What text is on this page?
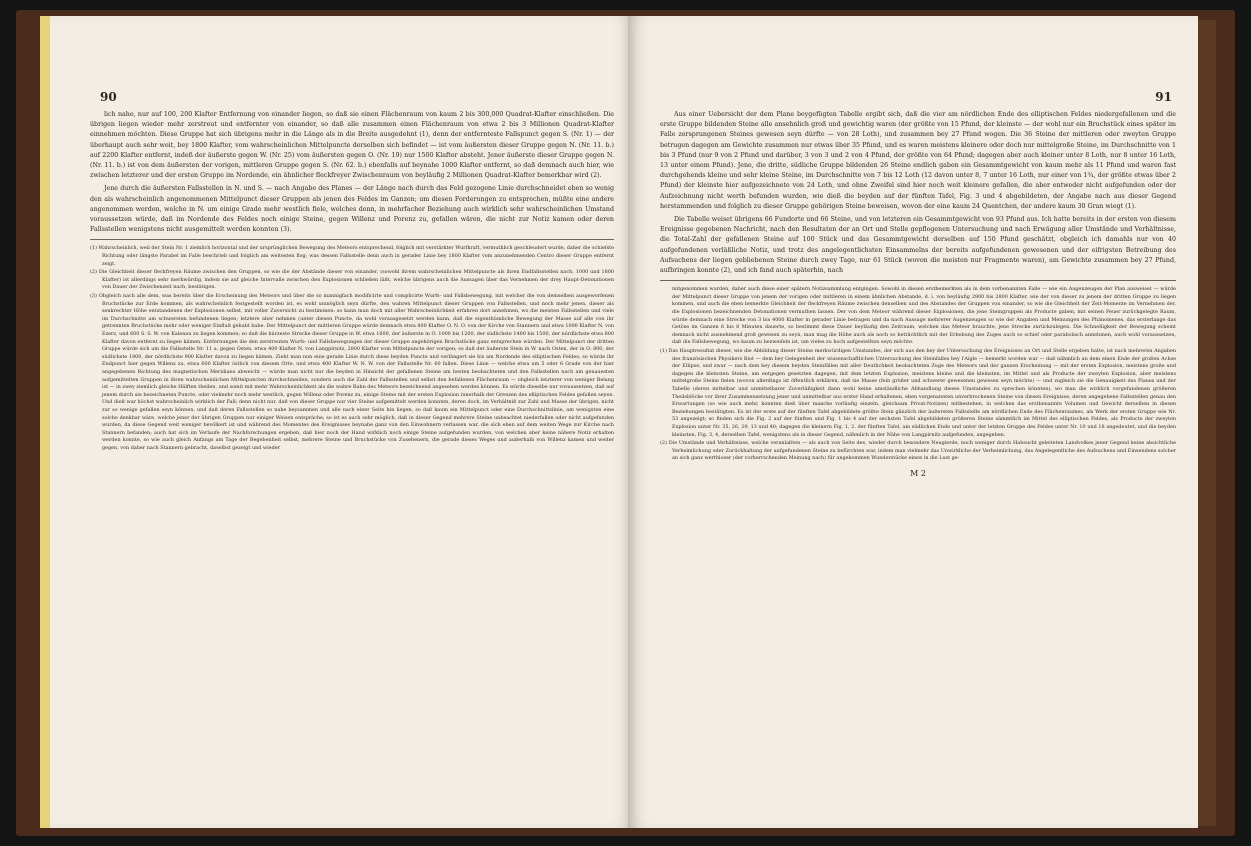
90

lich nahe, nur auf 100, 200 Klafter Entfernung von einander liegen, so daß sie einen Flächenraum von kaum 2 bis 300,000 Quadrat-Klafter einschließen. Die übrigen liegen wieder mehr zerstreut und entfernter von einander, so daß alle zusammen einen Flächenraum von etwa 2 bis 3 Millionen Quadrat-Klafter einnehmen möchten. Diese Gruppe hat sich übrigens mehr in die Länge als in die Breite ausgedehnt (1), denn der entfernteste Fallspunct gegen S. (Nr. 1) — der überhaupt auch sehr weit, bey 1800 Klafter, vom wahrscheinlichen Mittelpuncte derselben sich befindet — ist vom äußersten dieser Gruppe gegen N. (Nr. 11. b.) auf 2200 Klafter entfernt, indeß der äußerste gegen W. (Nr. 25) vom äußersten gegen O. (Nr. 19) nur 1500 Klafter absteht. Jener äußerste dieser Gruppe gegen N. (Nr. 11. b.) ist von dem äußersten der vorigen, mittleren Gruppe gegen S. (Nr. 62. b.) ebenfalls auf beynahe 1000 Klafter entfernt, so daß demnach auch hier, wie zwischen letzterer und der ersten Gruppe im Nordende, ein ähnlicher fleckfreyer Zwischenraum von beyläufig 2 Millionen Quadrat-Klafter bemerkbar wird (2).

Jene durch die äußersten Fallsstellen in N. und S. — nach Angabe des Planes — der Länge nach durch das Feld gezogene Linie durchschneidet eben so wenig den als wahrscheinlich angenommenen Mittelpunct dieser Gruppen als jenen des Feldes im Ganzen; um diesen Forderungen zu entsprechen, müßte eine andere angenommen werden, welche in N. um einige Grade mehr westlich fiele, welches denn, in mehrfacher Beziehung auch wirklich sehr wahrscheinlichen Umstand voraussetzen würde, daß im Nordende des Feldes noch einige Steine, gegen Willenz und Porenz zu, gefallen wären, die nicht zur Notiz kamen oder deren Fallsstellen wenigstens nicht ausgemittelt werden konnten (3).

(1) Wahrscheinlich, weil der Stein Nr. 1 ziemlich horizontal und der ursprünglichen Bewegung des Meteors entsprechend, folglich mit verstärkter Wurfkraft, vermuthlich geschleudert wurde, daher die schiefste Richtung oder längste Parabel im Falle beschrieb und folglich am weitesten flog; was dessen Fallsstelle denn auch in gerader Linie bey 1800 Klafter vom anzunehmenden Centro dieser Gruppe entfernt zeigt.

(2) Die Gleichheit dieser fleckfreyen Räume zwischen den Gruppen, so wie die der Abstände dieser von einander, (sowohl ihrem wahrscheinlichen Mittelpuncte als ihren Endfallsstellen nach, 1000 und 1800 Klafter) ist allerdings sehr merkwürdig, indem sie auf gleiche Intervalle zwischen den Explosionen schließen läßt, welche übrigens auch die Aussagen über das Vernehmen der drey Haupt-Detonationen von Dauer der Zwischenzeit nach, bestätigen.

(3) Obgleich nach alle dem, was bereits über die Erscheinung des Meteors und über die so mannigfach modificirte und complicirte Wurfs- und Fallsbewegung, mit welcher die von demselben ausgeworfenen Bruchstücke zur Erde kommen, als wahrscheinlich festgestellt worden ist, es wohl unmöglich seyn dürfte, den wahren Mittelpunct dieser Gruppen von Fallsstellen, und noch mehr jenen, dieser als senkrechter Höhe entstandenen der Explosionen selbst, mit voller Zuversicht zu bestimmen: so kann man doch mit aller Wahrscheinlichkeit erfahren dort annehmen, wo die meisten Fallsstellen und viele im Durchschnitte am schwersten befundenen liegen; letztere aber nehmen (unter diesen Puncte, da wohl vorausgesetzt werden kann, daß die eigenthümliche Bewegung der Masse auf alle von ihr getrennten Bruchstücke mehr oder weniger Einfluß gehabt habe. Der Mittelpunct der mittleren Gruppe würde demnach etwa 800 Klafter O. N. O. von der Kirche von Stannern und etwa 1000 Klafter N. von Ezerz, und 600 S. S. W. von Kalenau zu liegen kommen; so daß die kürzeste Strecke dieser Gruppe in W. etwa 1600, der äußerste in O. 1000 bis 1200, der südlichste 1400 bis 1500, der nördlichste etwa 800 Klafter davon entfernt zu liegen kämen. Entfernungen die den zerstreuten Wurfs- und Fallsbewegungen der dieser Gruppe angehörigen Bruchstücke ganz entsprechen würden. Der Mittelpunct der dritten Gruppe würde sich um die Fallsstelle Nr. 11 a. gegen Osten, etwa 400 Klafter N. von Langpirnitz, 2800 Klafter vom Mittelpuncte der vorigen; so daß der äußerste Stein in W. nach Osten, der in O. 800, der südlichste 1800, der nördlichste 900 Klafter davon zu liegen kämen. Zieht man nun eine gerade Linie durch diese beyden Puncte und verlängert sie bis am Nordende des elliptischen Feldes; so würde ihr Endpunct hier gegen Willenz zu, etwa 600 Klafter östlich von diesem Orte, und etwa 400 Klafter W. N. W. von der Fallsstelle Nr. 60 fallen. Diese Linie — welche etwa um 5 oder 6 Grade von der hier angegebenen Richtung des magnetischen Meridians abweicht — würde man nicht nur die beyden in Hinsicht der gefallenen Steine am besten beobachteten und den Fallsstellen nach am genauesten aufgemittelten Gruppen in ihren wahrscheinlichen Mittelpuncten durchschneiden, sondern auch die Zahl der Fallsstellen und selbst den befallenen Flächenraum — obgleich letzterer von weniger Belang ist — in zwey ziemlich gleiche Hälften theilen, und somit mit mehr Wahrscheinlichkeit als die wahre Bahn des Meteors bezeichnend angesehen werden können. Es würde dieselbe nur voraussetzen, daß auf jenem durch sie bezeichneten Puncte, oder vielmehr noch mehr westlich, gegen Willenz oder Porenz zu, einige Steine mit der ersten Explosion innerhalb der Grenzen des elliptischen Feldes gefallen seyen. Und dieß war höchst wahrscheinlich wirklich der Fall; denn nicht nur, daß von dieser Gruppe nur vier Steine aufgemittelt werden konnten, deren doch, im Verhältniß zur Zahl und Masse der übrigen, nicht zur so wenige gefallen seyn können, und daß deren Fallsstellen so nahe beysammen und alle nach einer Seite hin liegen, so daß kaum ein Mittelpunct oder eine Durchschnittslinie, am wenigsten eine solche denkbar wäre, welche jener der übrigen Gruppen nur einiger Weisen entspräche; so ist es auch sehr möglich, daß in dieser Gegend mehrere Steine unbeachtet niederfallen oder nicht aufgefunden wurden, da diese Gegend weit weniger bevölkert ist und während des Momentes des Ereignisses beynahe ganz von den Einwohnern verlassen war, die sich eben auf dem weiten Wege zur Kirche nach Stannern befanden; auch hat sich im Verlaufe der Nachforschungen ergeben, daß hier noch der Hand wirklich noch einige Steine aufgefunden wurden, von welchen aber keine nähere Notiz erhalten werden konnte, so wie auch gleich Anfangs am Tage der Begebenheit selbst, mehrere Steine und Bruchstücke von Zusehenern, die gerade dieses Weges und außerhalb von Willenz kamen und weiter gegen, von daher nach Stannern gebracht, daselbst gezeigt und wieder

91

Aus einer Uebersicht der dem Plane beygefügten Tabelle ergibt sich, daß die vier am nördlichen Ende des elliptischen Feldes niedergefallenen und die erste Gruppe bildenden Steine alle ansehnlich groß und gewichtig waren (der größte von 15 Pfund, der kleinste — der wohl nur ein Bruchstück eines später im Falle zersprungenen Steines gewesen seyn dürfte — von 28 Loth), und zusammen bey 27 Pfund wogen. Die 36 Steine der mittleren oder zweyten Gruppe betrugen dagegen am Gewichte zusammen nur etwas über 35 Pfund, und es waren meistens kleinere oder doch nur mittelgroße Steine, im Durchschnitte von 1 bis 3 Pfund (nur 9 von 2 Pfund und darüber, 3 von 3 und 2 von 4 Pfund, der größte von 64 Pfund; dagegen aber auch kleiner unter 8 Loth, nur 8 unter 16 Loth, 13 unter einem Pfund). Jene, die dritte, südliche Gruppe bildenden 26 Steine endlich gaben ein Gesammtgewicht von kaum mehr als 11 Pfund und waren fast durchgehends kleine und sehr kleine Steine, im Durchschnitte von 7 bis 12 Loth (12 davon unter 8, 7 unter 16 Loth, nur einer von 1¾, der größte etwas über 2 Pfund) der kleinste hier aufgezeichnete von 24 Loth, und ohne Zweifel sind hier noch weit kleinere gefallen, die aber entweder nicht aufgefunden oder der Aufzeichnung nicht werth befunden wurden, wie dieß die beyden auf der fünften Tafel, Fig. 3 und 4 abgebildeten, der Angabe nach aus dieser Gegend herstammenden und folglich zu dieser Gruppe gehörigen Steine beweisen, wovon der eine kaum 24 Quentchen, der andere kaum 30 Gran wiegt (1).

Die Tabelle weiset übrigens 66 Fundorte und 66 Steine, und von letzteren ein Gesammtgewicht von 93 Pfund aus. Ich hatte bereits in der ersten von diesem Ereignisse gegebenen Nachricht, nach den Resultaten der an Ort und Stelle gepflogenen Untersuchung und nach Erwägung aller Umstände und Verhältnisse, die Total-Zahl der gefallenen Steine auf 100 Stück und das Gesammtgewicht derselben auf 150 Pfund geschätzt, obgleich ich damahls nur von 40 aufgefundenen verläßliche Notiz, und trotz des angelegentlichsten Einsammelns der bereits aufgefundenen gewesenen und der eifrigsten Betreibung des Aufsuchens der liegen gebliebenen Steine durch zwey Tage, nur 61 Stück (wovon die meisten nur Fragmente waren), am Gewichte zusammen bey 27 Pfund, aufbringen konnte (2), und ich fand auch späterhin, nach

mitgenommen wurden, daher auch diese einer spätern Notizsammlung entgingen. Sowohl in diesen erstbemerkten als in dem vorbenannten Falle — wie ein Augenzeugen der Plan ausweiset — würde der Mittelpunct dieser Gruppe von jenem der vorigen oder mittleren in einem ähnlichen Abstande, d. i. von beyläufig 2800 bis 2800 Klafter, wie der von dieser zu jenem der dritten Gruppe zu liegen kommen, und auch die eben bemerkte Gleichheit der fleckfreyen Räume zwischen denselben und des Abstandes der Gruppen von einander, so wie die Gleichheit der Zeit-Momente im Vernehmen der, die Explosionen bezeichnenden Detonationen vermuthen lassen. Der von dem Meteor während dieser Explosionen, die jene Steingruppen als Producte gaben, mit seinen Feuer zurückgelegte Raum, würde demnach eine Strecke von 3 bis 4000 Klafter in gerader Linie betragen und da nach Aussage mehrerer Augenzeugen so wie der Angaben und Meinungen des Phänomenes, das ersterlange das Getöse im Ganzen 6 bis 8 Minuten dauerte, so bestimmt diese Dauer beyläufig den Zeitraum, welchen das Meteor brauchte, jene Strecke zurückzulegen. Die Schnelligkeit der Bewegung scheint demnach nicht ausnehmend groß gewesen zu seyn, man mag die Höhe auch als noch so beträchtlich mit der Erhebung des Zuges auch so schief oder parabolisch annehmen, auch wohl voraussetzen, daß die Fallsbewegung, wo kaum zu bezweifeln ist, um vieles zu hoch aufgestellten seyn möchte.

(1) Das Hauptresultat dieser, wie die Abbildung dieser Steine merkwürdigen Umstandes, der sich aus den bey der Untersuchung des Ereignisses an Ort und Stelle ergeben hatte, ist nach mehreren Angaben des französischen Physikers Biot — dem bey Gelegenheit der wissenschaftlichen Untersuchung des Steinfalles bey l'Aigle — bemerkt worden war — daß nähmlich an dem einen Ende der großen Achse der Ellipse, und zwar — nach dem bey diesem beyden Steinfällen mit aller Deutlichkeit beobachteten Zuge des Meteors und der ganzen Erscheinung — mit der ersten Explosion, meistens große und dagegen die kleinsten Steine, am entgegen gesetzten dagegen, mit dem letzten Explosion, meistens kleine und die kleinsten, im Mittel und als Producte der zweyten Explosion, aber meistens mittelgroße Steine fielen (wovon allerdings ist öffentlich erklären, daß sie Masse (fein größer und schwerer gewesenen gewesen seyn möchte) — und zugleich sie die Genauigkeit des Planes und der Tabelle (deren mittelbar und unmittelbarer Zuverläßigkeit dann wohl keine umständliche Abhandlung dieses Umstandes zu sprechen könnten), wo man die wirklich vorgefundenen größeren Theilsblöcke vor ihrer Zusammensetzung jener und unmittelbar aus erster Hand erhaltenen, eben vorgenannten unverbrochenen Steine von diesen Ereignisse, deren angegebene Fallsstellen genau den Erwartungen (so wie auch mehr, konnten dieß über manche vorläufig einzeln, gleichsam Privat-Notizen) mitbestehen, in welchen das erstbenannte Volumen und Gewicht derselben in diesen Beziehungen bestätigten. Es ist der erste auf der fünften Tafel abgebildete größte Stein gänzlich der äußersten Fallsstelle am nördlichen Ende des Flächenraumes, als Werk der ersten Gruppe wie Nr. 53 angezeigt; so finden sich die Fig. 2 auf der fünften und Fig. 1 bis 4 auf der sechsten Tafel abgebildeten größeren Steine sämmtlich im Mittel des elliptischen Feldes, als Producte der zweyten Explosion unter Nr. 35, 26, 29, 13 und 40; dagegen die kleinern Fig. 1, 2. der fünften Tafel, am südlichen Ende und unter der letzten Gruppe des Feldes unter Nr. 10 und 18 angedeutet, und die beyden kleinsten, Fig. 3, 4, derselben Tafel, wenigstens als in dieser Gegend, nähmlich in der Nähe von Langpirnitz aufgefunden, angegeben.

(2) Die Umstände und Verhältnisse, welche veranlaßten — als auch von Seite des, wieder durch besondere Neugierde, noch weniger durch Habsucht geleiteten Landvolkes jener Gegend keine absichtliche Verheimlichung oder Zurückhaltung der aufgefundenen Steine zu befürchten war, indem man vielmehr das Unwirkliche der Verheimlichung, das Angelegentliche des Aufsuchens und Einsendens solcher an sich ganz werthloser (der vorherrschenden Meinung nach) für angekommen Wunderstücke einen in die Lust ge-

M 2
